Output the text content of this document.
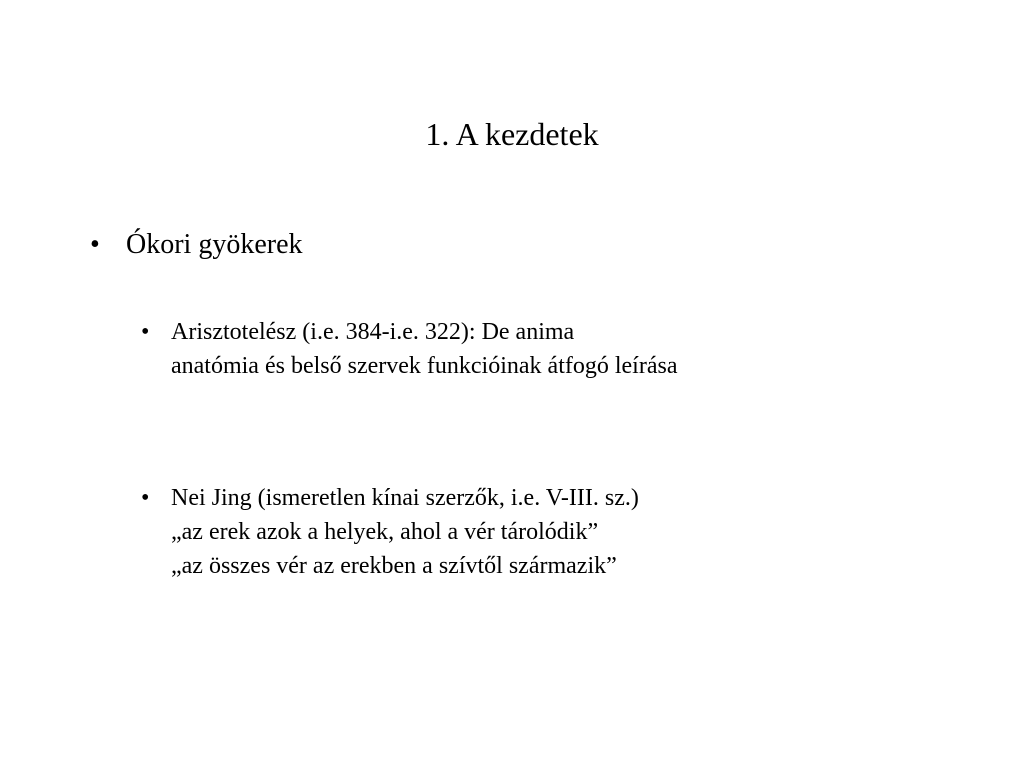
1. A kezdetek
• Ókori gyökerek
• Arisztotelész (i.e. 384-i.e. 322): De anima
anatómia és belső szervek funkcióinak átfogó leírása
• Nei Jing (ismeretlen kínai szerzők, i.e. V-III. sz.)
„az erek azok a helyek, ahol a vér tárolódik”
„az összes vér az erekben a szívtől származik”
